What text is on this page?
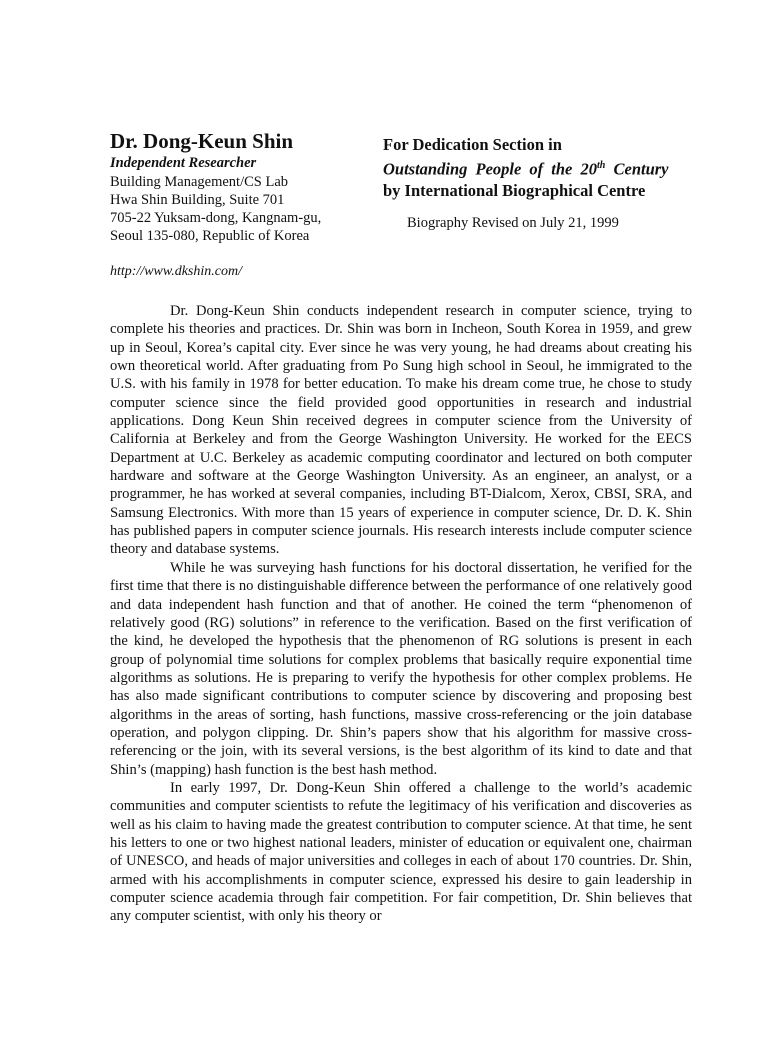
Dr. Dong-Keun Shin
Independent Researcher
Building Management/CS Lab
Hwa Shin Building, Suite 701
705-22 Yuksam-dong, Kangnam-gu,
Seoul 135-080, Republic of Korea
http://www.dkshin.com/
For Dedication Section in
Outstanding People of the 20th Century
by International Biographical Centre
Biography Revised on July 21, 1999

Dr. Dong-Keun Shin conducts independent research in computer science, trying to complete his theories and practices. Dr. Shin was born in Incheon, South Korea in 1959, and grew up in Seoul, Korea’s capital city. Ever since he was very young, he had dreams about creating his own theoretical world. After graduating from Po Sung high school in Seoul, he immigrated to the U.S. with his family in 1978 for better education. To make his dream come true, he chose to study computer science since the field provided good opportunities in research and industrial applications. Dong Keun Shin received degrees in computer science from the University of California at Berkeley and from the George Washington University. He worked for the EECS Department at U.C. Berkeley as academic computing coordinator and lectured on both computer hardware and software at the George Washington University. As an engineer, an analyst, or a programmer, he has worked at several companies, including BT-Dialcom, Xerox, CBSI, SRA, and Samsung Electronics. With more than 15 years of experience in computer science, Dr. D. K. Shin has published papers in computer science journals. His research interests include computer science theory and database systems.

While he was surveying hash functions for his doctoral dissertation, he verified for the first time that there is no distinguishable difference between the performance of one relatively good and data independent hash function and that of another. He coined the term “phenomenon of relatively good (RG) solutions” in reference to the verification. Based on the first verification of the kind, he developed the hypothesis that the phenomenon of RG solutions is present in each group of polynomial time solutions for complex problems that basically require exponential time algorithms as solutions. He is preparing to verify the hypothesis for other complex problems. He has also made significant contributions to computer science by discovering and proposing best algorithms in the areas of sorting, hash functions, massive cross-referencing or the join database operation, and polygon clipping. Dr. Shin’s papers show that his algorithm for massive cross-referencing or the join, with its several versions, is the best algorithm of its kind to date and that Shin’s (mapping) hash function is the best hash method.

In early 1997, Dr. Dong-Keun Shin offered a challenge to the world’s academic communities and computer scientists to refute the legitimacy of his verification and discoveries as well as his claim to having made the greatest contribution to computer science. At that time, he sent his letters to one or two highest national leaders, minister of education or equivalent one, chairman of UNESCO, and heads of major universities and colleges in each of about 170 countries. Dr. Shin, armed with his accomplishments in computer science, expressed his desire to gain leadership in computer science academia through fair competition. For fair competition, Dr. Shin believes that any computer scientist, with only his theory or
